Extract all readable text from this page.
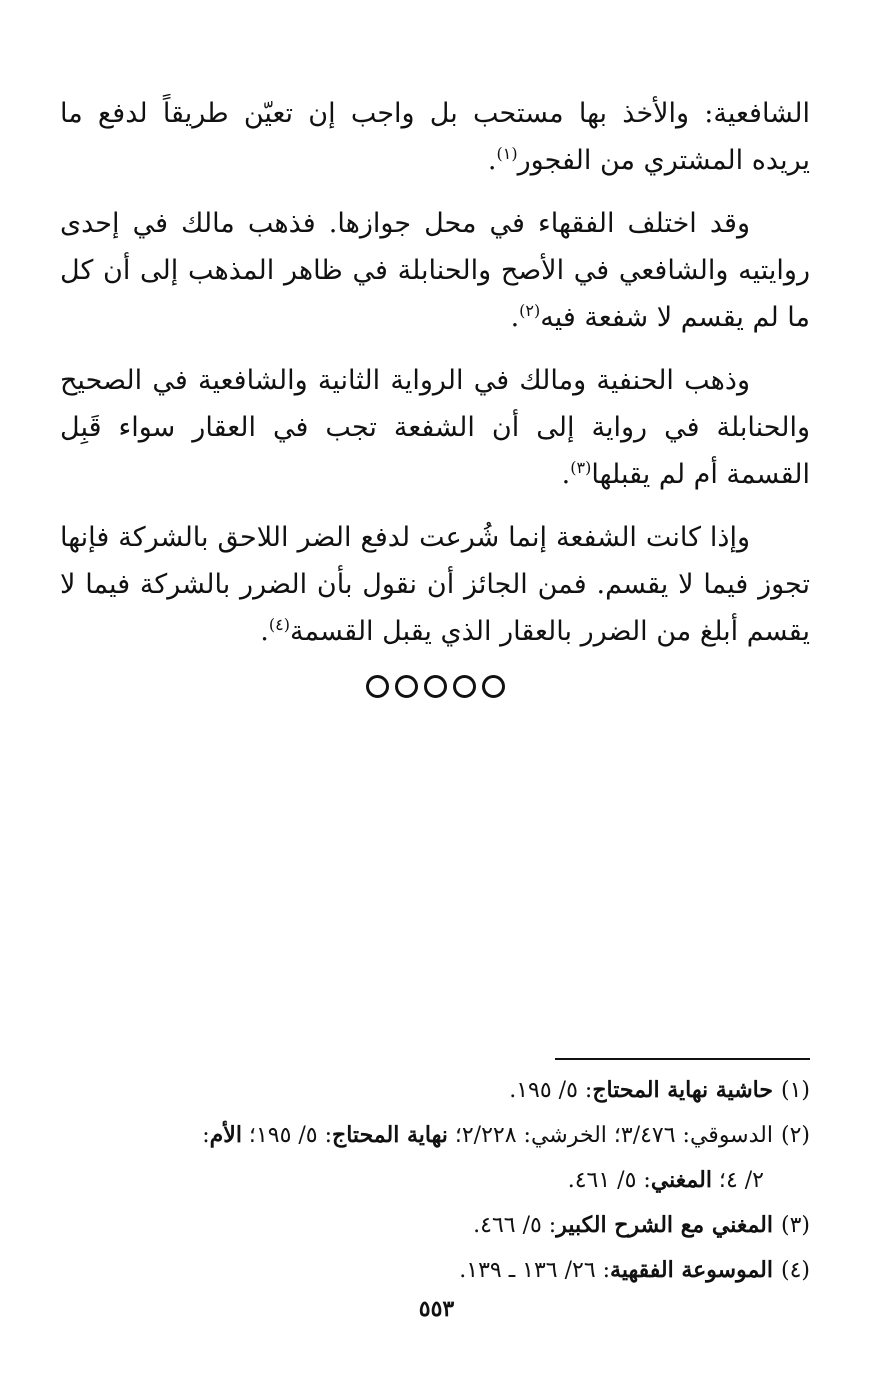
الشافعية: والأخذ بها مستحب بل واجب إن تعيّن طريقاً لدفع ما يريده المشتري من الفجور$^{(١)}$.

وقد اختلف الفقهاء في محل جوازها. فذهب مالك في إحدى روايتيه والشافعي في الأصح والحنابلة في ظاهر المذهب إلى أن كل ما لم يقسم لا شفعة فيه$^{(٢)}$.

وذهب الحنفية ومالك في الرواية الثانية والشافعية في الصحيح والحنابلة في رواية إلى أن الشفعة تجب في العقار سواء قَبِل القسمة أم لم يقبلها$^{(٣)}$.

وإذا كانت الشفعة إنما شُرعت لدفع الضر اللاحق بالشركة فإنها تجوز فيما لا يقسم. فمن الجائز أن نقول بأن الضرر بالشركة فيما لا يقسم أبلغ من الضرر بالعقار الذي يقبل القسمة$^{(٤)}$.

(١)حاشية نهاية المحتاج: ٥/ ١٩٥.

(٢)الدسوقي: ٣/٤٧٦؛ الخرشي: ٢/٢٢٨؛ نهاية المحتاج: ٥/ ١٩٥؛ الأم:

٢/ ٤؛ المغني: ٥/ ٤٦١.

(٣)المغني مع الشرح الكبير: ٥/ ٤٦٦.

(٤)الموسوعة الفقهية: ٢٦/ ١٣٦ ـ ١٣٩.

٥٥٣
